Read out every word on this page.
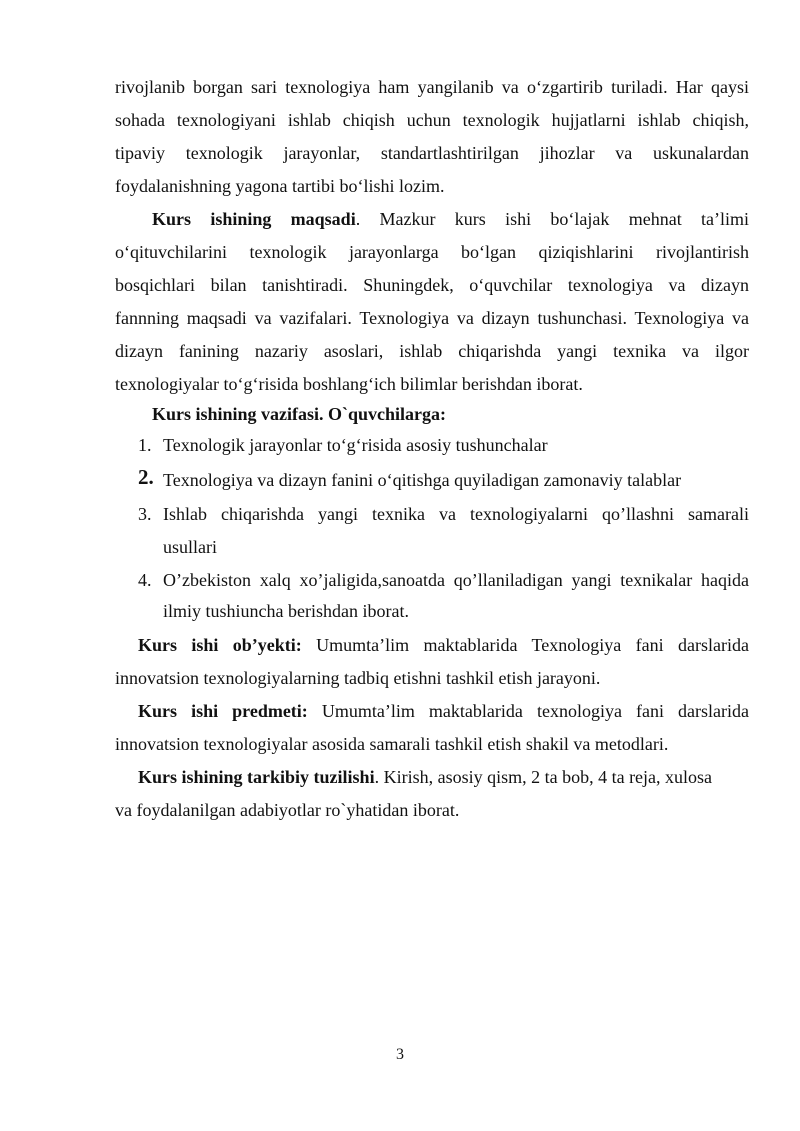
rivojlanib borgan sari texnologiya ham yangilanib va o‘zgartirib turiladi. Har qaysi
sohada texnologiyani ishlab chiqish uchun texnologik hujjatlarni ishlab chiqish,
tipaviy texnologik jarayonlar, standartlashtirilgan jihozlar va uskunalardan
foydalanishning yagona tartibi bo‘lishi lozim.
Kurs ishining maqsadi. Mazkur kurs ishi bo‘lajak mehnat ta’limi
o‘qituvchilarini texnologik jarayonlarga bo‘lgan qiziqishlarini rivojlantirish
bosqichlari bilan tanishtiradi. Shuningdek, o‘quvchilar texnologiya va dizayn
fannning maqsadi va vazifalari. Texnologiya va dizayn tushunchasi. Texnologiya va
dizayn fanining nazariy asoslari, ishlab chiqarishda yangi texnika va ilgor
texnologiyalar to‘g‘risida boshlang‘ich bilimlar berishdan iborat.
Kurs ishining vazifasi. O`quvchilarga:
1. Texnologik jarayonlar to‘g‘risida asosiy tushunchalar
2. Texnologiya va dizayn fanini o‘qitishga quyiladigan zamonaviy talablar
3. Ishlab chiqarishda yangi texnika va texnologiyalarni qo’llashni samarali
usullari
4. O’zbekiston xalq xo’jaligida,sanoatda qo’llaniladigan yangi texnikalar haqida
ilmiy tushiuncha berishdan iborat.
Kurs ishi ob’yekti: Umumta’lim maktablarida Texnologiya fani darslarida
innovatsion texnologiyalarning tadbiq etishni tashkil etish jarayoni.
Kurs ishi predmeti: Umumta’lim maktablarida texnologiya fani darslarida
innovatsion texnologiyalar asosida samarali tashkil etish shakil va metodlari.
Kurs ishining tarkibiy tuzilishi. Kirish, asosiy qism, 2 ta bob, 4 ta reja, xulosa
va foydalanilgan adabiyotlar ro`yhatidan iborat.
3
